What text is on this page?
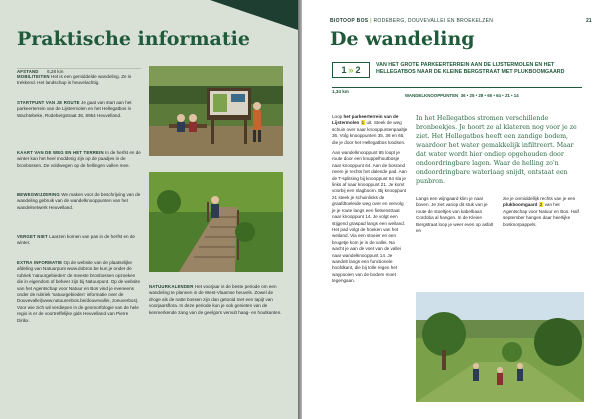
Praktische informatie
AFSTAND 6,28 km
MOBILITEITEN Het is een gemiddelde wandeling. Ze is trekkend. Het landschap is heuvelachtig.
STARTPUNT VAN JE ROUTE Je gaat van start aan het parkeerterrein van de Lijstermolen en het Hellegatbos in Wachtebeke, Rodebergstraat 36, 8954 Heuvelland.
KAART VAN DE WEG EN HET TERREIN In de herfst en de winter kan het heel modderig zijn op de paadjes in de bronbossen. De voldwegen op de hellingen vallen mee.
BEWEGWIJZERING We maken voor de beschrijving van de wandeling gebruik van de wandelknooppunten van het wandelnetwerk Heuvelland.
VERGET NIET Laarzen komen van pas in de herfst en de winter.
EXTRA INFORMATIE Op de website van de plaatselijke afdeling van Natuurpunt www.dobron.be kun je onder de rubriek 'natuurgebieden' de meeste bronbossen opzoeken die in eigendom of beheer zijn bij Natuurpunt. Op de website van het Agentschap voor Natuur en Bos vind je eveneens onder de rubriek 'natuurgebieden' informatie over de Douvevallei(www.natuurenbos.be/douvevallei, zoeuverbos). Voor wie zich wil verdiepen in de geomorfologie van de hele regio is er de voortreffelijke gids Heuvelland van Pierre Dirikx.
NATUURKALENDER Het voorjaar is de beste periode om een wandeling te plannen in de West-Vlaamse heuvels. Zowel de droge als de natte bossen zijn dan getooid met een tapijt van voorjaarsflora. In deze periode kun je ook genieten van de kenmerkende zang van de geelgors vervult haag- en houtkanten.
BIOTOOP BOS | RODEBERG, DOUVEVALLEI EN BROEKELZEN	21
De wandeling
1 » 2	VAN HET GROTE PARKEERTERREIN AAN DE LIJSTERMOLEN EN HET HELLEGATBOS NAAR DE KLEINE BERGSTRAAT MET PLUKBOOMGAARD
1,34 km
WANDELKNOOPPUNTEN 36 • 25 • 28 • 65 • 64 • 21 • 14
Loop het parkeerterrein van de Lijstermolen 1 uit. Steek de weg schuin over naar knooppuntenpaaltje 36. Volg knooppunten 35, 36 en 65, die je door het Hellegatbos loodsen.
Aan wandelknooppunt 65 loopt je route door een knuppelhoutbosje naar knooppunt 64. Aan de bosrand neem je rechts het dalende pad. Aan de T-splitsing bij knooppunt 64 sla je links af naar knooppunt 21. Je komt voorbij een slagboom. Bij knooppunt 21 steek je schuinlinks de graafdtoeleide weg over en vervolg je je route langs een fietsenstraat naar knooppunt 14. Je volgt een stijgend graspad langs een weiland. Het pad volgt de hoeken van het weiland. Via een stoeier en een brugetje kom je in de vallei. Na wacht je aan de voet van de vallei naar wandelknooppunt 14. Je wandelt langs een functionele hoofdkant, die bij tolle regen het waypooien van de bodem moet tegengaan.
In het Hellegatbos stromen verschillende bronbeekjes. Je hoort ze al klateren nog voor je ze ziet. Het Hellegatbos heeft een zandige bodem, waardoor het water gemakkelijk infiltreert. Maar dat water wordt hier ondiep opgehouden door ondoordringbare lagen. Waar de helling zo'n ondoordringbare waterlaag snijdt, ontstaat een punbron.
Langs een wijngaard klim je naar boven. Je ziet vanop dit stuk van je route de stoeltjes van kabelbaan Cordoba al hangen. In de Kleine Bergstraat loop je weer even op asfalt en
zie je onmiddellijk rechts van je een plukboomgaard 2 van het Agentschap voor Natuur en Bos. Half september hangen daar heerlijke bosknorpappels.
